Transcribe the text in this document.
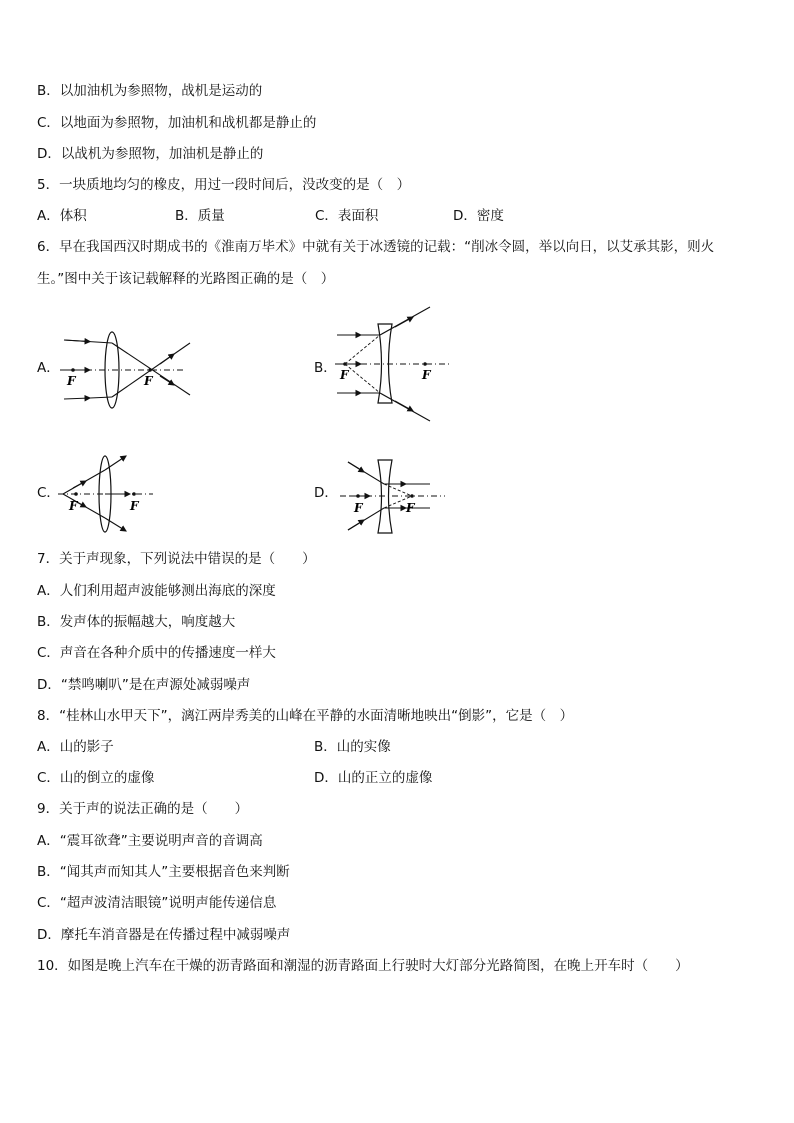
B．以加油机为参照物，战机是运动的
C．以地面为参照物，加油机和战机都是静止的
D．以战机为参照物，加油机是静止的
5．一块质地均匀的橡皮，用过一段时间后，没改变的是（　）
A．体积	B．质量	C．表面积	D．密度
6．早在我国西汉时期成书的《淮南万毕术》中就有关于冰透镜的记载：“削冰令圆，举以向日，以艾承其影，则火
生。”图中关于该记载解释的光路图正确的是（　）
A．
F	F
B． F	F
C．
F	F
D．
F	F
7．关于声现象，下列说法中错误的是（　　）
A．人们利用超声波能够测出海底的深度
B．发声体的振幅越大，响度越大
C．声音在各种介质中的传播速度一样大
D．“禁鸣喇叭”是在声源处减弱噪声
8．“桂林山水甲天下”，漓江两岸秀美的山峰在平静的水面清晰地映出“倒影”，它是（　）
A．山的影子	B．山的实像
C．山的倒立的虚像	D．山的正立的虚像
9．关于声的说法正确的是（　　）
A．“震耳欲聋”主要说明声音的音调高
B．“闻其声而知其人”主要根据音色来判断
C．“超声波清洁眼镜”说明声能传递信息
D．摩托车消音器是在传播过程中减弱噪声
10．如图是晚上汽车在干燥的沥青路面和潮湿的沥青路面上行驶时大灯部分光路简图，在晚上开车时（　　）
